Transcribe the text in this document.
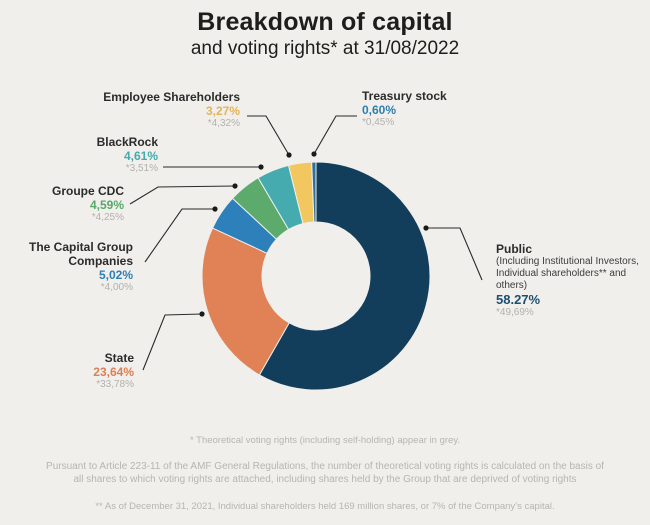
Breakdown of capital
and voting rights* at 31/08/2022
Employee Shareholders
3,27%
*4,32%
Treasury stock
0,60%
*0,45%
BlackRock
4,61%
*3,51%
Groupe CDC
4,59%
*4,25%
The Capital Group Companies
5,02%
*4,00%
State
23,64%
*33,78%
Public
(Including Institutional Investors, Individual shareholders** and others)
58.27%
*49,69%
* Theoretical voting rights (including self-holding) appear in grey.
Pursuant to Article 223-11 of the AMF General Regulations, the number of theoretical voting rights is calculated on the basis of all shares to which voting rights are attached, including shares held by the Group that are deprived of voting rights
** As of December 31, 2021, Individual shareholders held 169 million shares, or 7% of the Company’s capital.
